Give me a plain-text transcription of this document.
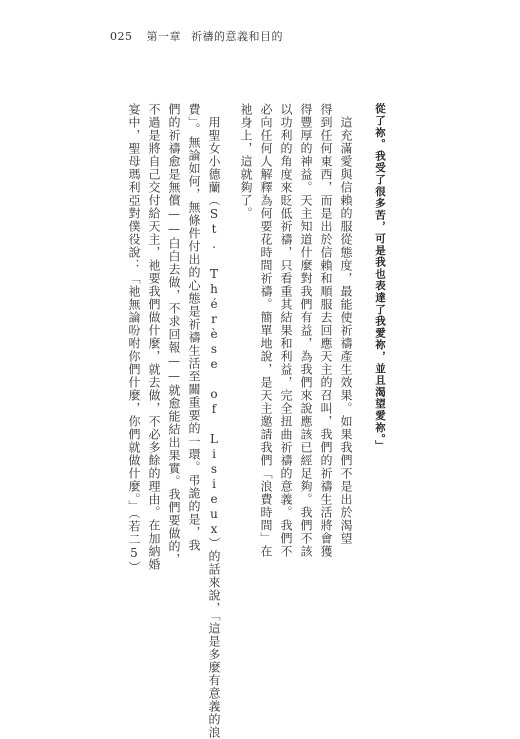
025 第一章 祈禱的意義和目的
從了祢。我受了很多苦，可是我也表達了我愛祢，並且渴望愛祢。」
　這充滿愛與信賴的服從態度，最能使祈禱產生效果。如果我們不是出於渴望
得到任何東西，而是出於信賴和順服去回應天主的召叫，我們的祈禱生活將會獲
得豐厚的神益。天主知道什麼對我們有益，為我們來說應該已經足夠。我們不該
以功利的角度來貶低祈禱，只看重其結果和利益，完全扭曲祈禱的意義。我們不
必向任何人解釋為何要花時間祈禱。簡單地說，是天主邀請我們「浪費時間」在
祂身上，這就夠了。
　用聖女小德蘭（St. Thérèse of Lisieux）的話來說，「這是多麼有意義的浪
費」。無論如何，無條件付出的心態是祈禱生活至關重要的一環。弔詭的是，我
們的祈禱愈是無償——白白去做，不求回報——就愈能結出果實。我們要做的，
不過是將自己交付給天主，祂要我們做什麼，就去做，不必多餘的理由。在加納婚
宴中，聖母瑪利亞對僕役說：「祂無論吩咐你們什麼，你們就做什麼。」（若二5）
